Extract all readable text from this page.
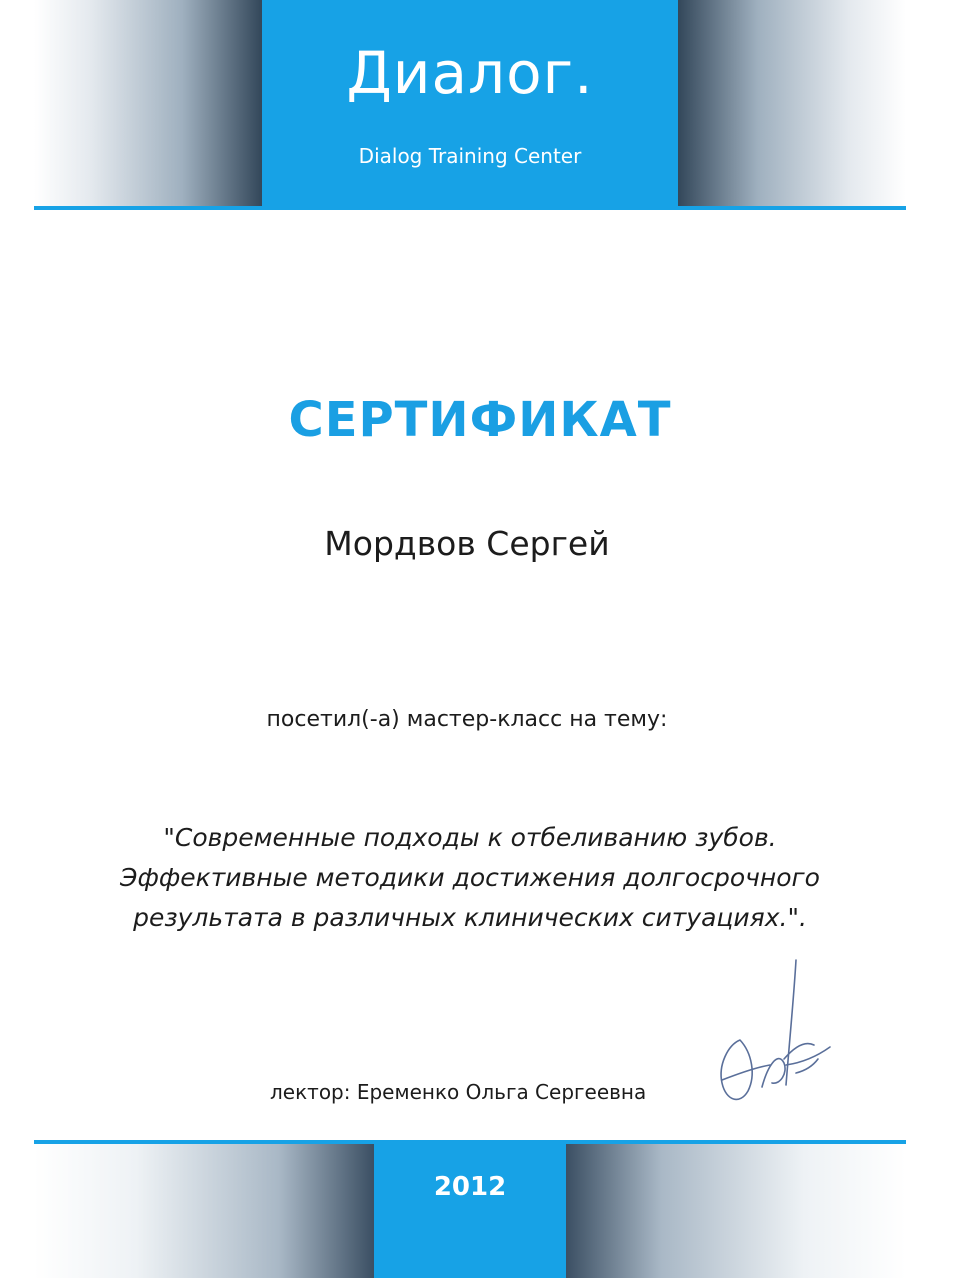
Диалог.
Dialog Training Center
СЕРТИФИКАТ
Мордвов Сергей
посетил(-а) мастер-класс на тему:
"Современные подходы к отбеливанию зубов.
Эффективные методики достижения долгосрочного
результата в различных клинических ситуациях.".
лектор: Еременко Ольга Сергеевна
2012
